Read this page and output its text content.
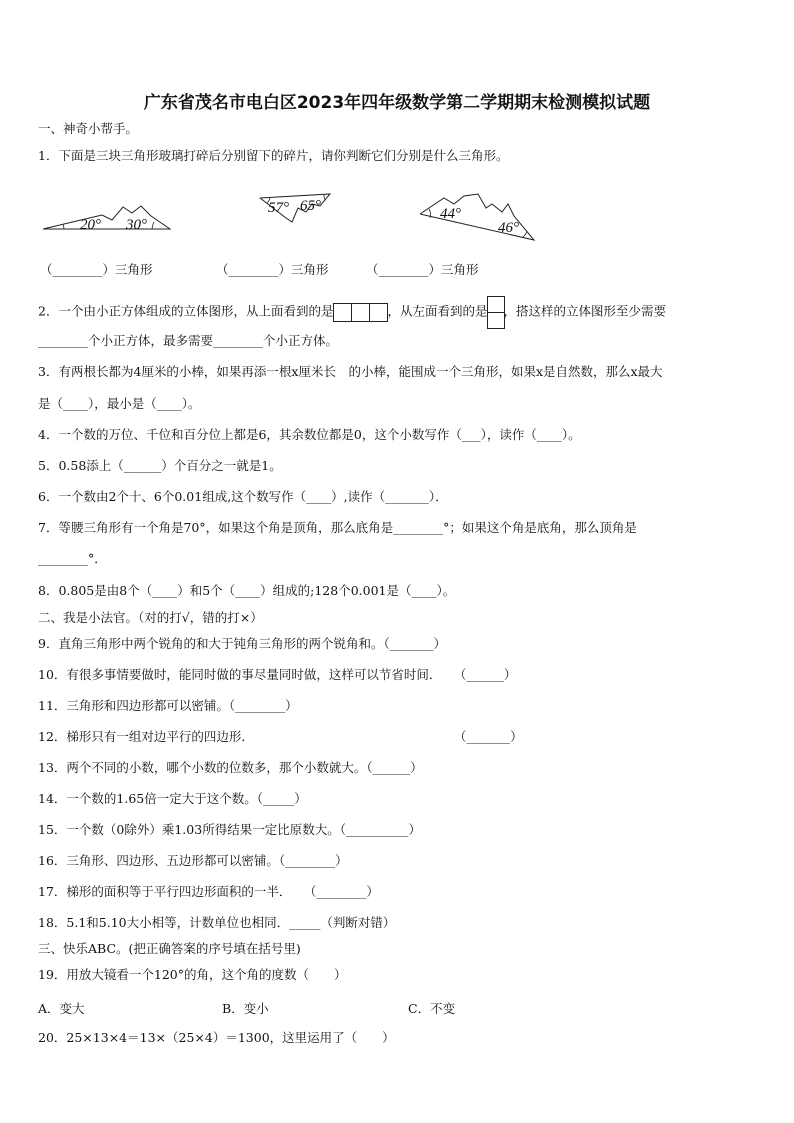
广东省茂名市电白区2023年四年级数学第二学期期末检测模拟试题
一、神奇小帮手。
1．下面是三块三角形玻璃打碎后分别留下的碎片，请你判断它们分别是什么三角形。
20° 30°
57° 65°	44°
46°
（________）三角形	（________）三角形	（________）三角形
2．一个由小正方体组成的立体图形，从上面看到的是	，从左面看到的是 ，搭这样的立体图形至少需要
________个小正方体，最多需要________个小正方体。
3．有两根长都为4厘米的小棒，如果再添一根x厘米长　的小棒，能围成一个三角形，如果x是自然数，那么x最大
是（____），最小是（____）。
4．一个数的万位、千位和百分位上都是6，其余数位都是0，这个小数写作（___），读作（____）。
5．0.58添上（______）个百分之一就是1。
6．一个数由2个十、6个0.01组成,这个数写作（____）,读作（_______）．
7．等腰三角形有一个角是70°，如果这个角是顶角，那么底角是________°；如果这个角是底角，那么顶角是
________°．
8．0.805是由8个（____）和5个（____）组成的;128个0.001是（____）。
二、我是小法官。（对的打√，错的打×）
9．直角三角形中两个锐角的和大于钝角三角形的两个锐角和。（_______）
10．有很多事情要做时，能同时做的事尽量同时做，这样可以节省时间．　　（______）
11．三角形和四边形都可以密铺。（________）
12．梯形只有一组对边平行的四边形．　　　　　　　　　　　　　　　　　（_______）
13．两个不同的小数，哪个小数的位数多，那个小数就大。（______）
14．一个数的1.65倍一定大于这个数。（_____）
15．一个数（0除外）乘1.03所得结果一定比原数大。（__________）
16．三角形、四边形、五边形都可以密铺。（________）
17．梯形的面积等于平行四边形面积的一半．　　（________）
18．5.1和5.10大小相等，计数单位也相同．_____（判断对错）
三、快乐ABC。(把正确答案的序号填在括号里)
19．用放大镜看一个120°的角，这个角的度数（　　）
A．变大	B．变小	C．不变
20．25×13×4＝13×（25×4）＝1300，这里运用了（　　）
